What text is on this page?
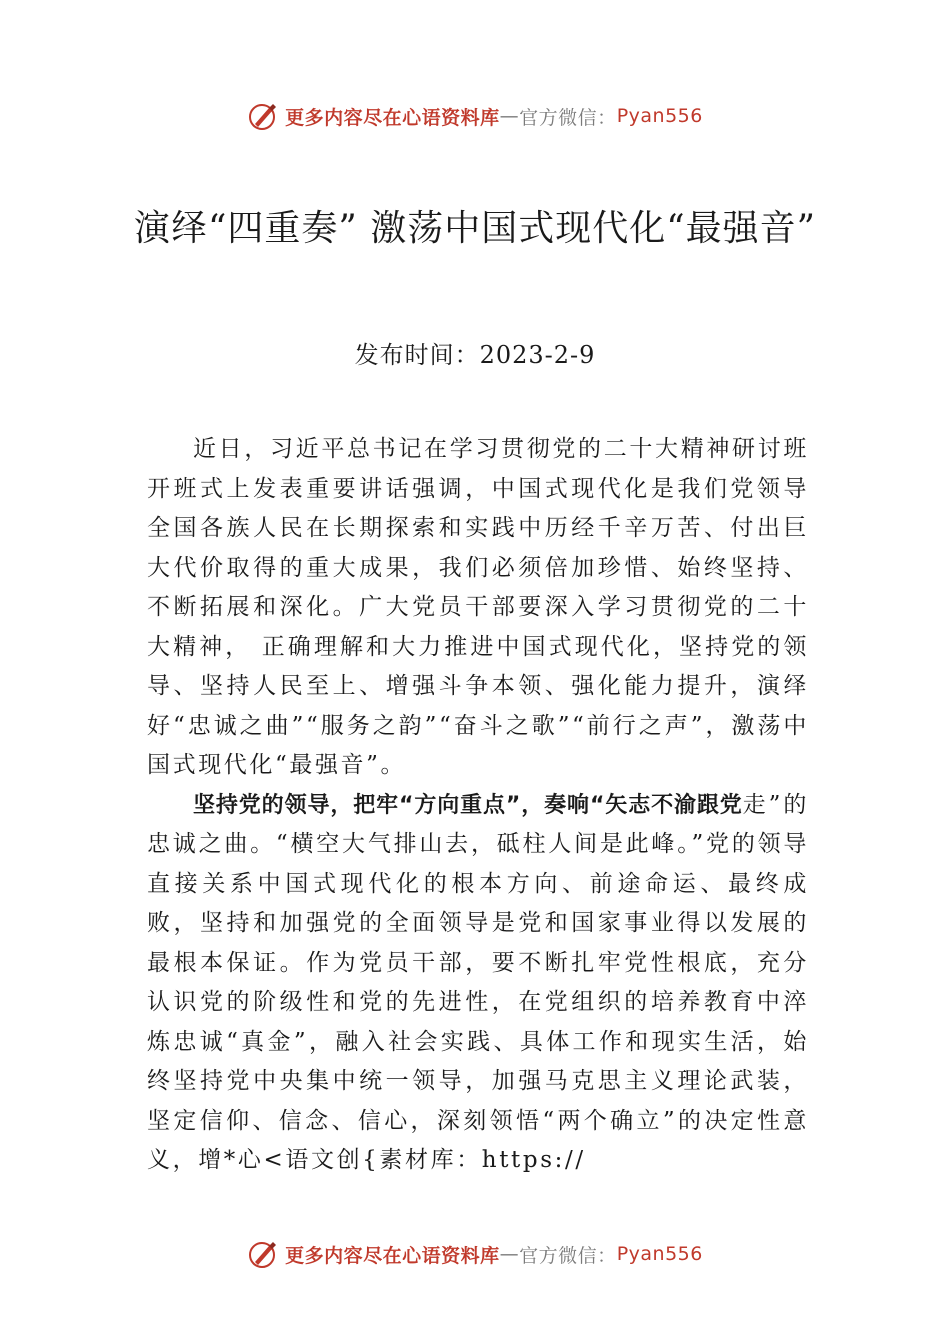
更多内容尽在心语资料库 — 官方微信： Pyan556
演绎“四重奏” 激荡中国式现代化“最强音”
发布时间：2023-2-9

近日，习近平总书记在学习贯彻党的二十大精神研讨班开班式上发表重要讲话强调，中国式现代化是我们党领导全国各族人民在长期探索和实践中历经千辛万苦、付出巨大代价取得的重大成果，我们必须倍加珍惜、始终坚持、不断拓展和深化。广大党员干部要深入学习贯彻党的二十大精神， 正确理解和大力推进中国式现代化，坚持党的领导、坚持人民至上、增强斗争本领、强化能力提升，演绎好“忠诚之曲”“服务之韵”“奋斗之歌”“前行之声”，激荡中国式现代化“最强音”。

坚持党的领导，把牢“方向重点”，奏响“矢志不渝跟党走”的忠诚之曲。“横空大气排山去，砥柱人间是此峰。”党的领导直接关系中国式现代化的根本方向、前途命运、最终成败，坚持和加强党的全面领导是党和国家事业得以发展的最根本保证。作为党员干部，要不断扎牢党性根底，充分认识党的阶级性和党的先进性，在党组织的培养教育中淬炼忠诚“真金”，融入社会实践、具体工作和现实生活，始终坚持党中央集中统一领导，加强马克思主义理论武装，坚定信仰、信念、信心，深刻领悟“两个确立”的决定性意义，增*心<语文创{素材库：https://

更多内容尽在心语资料库 — 官方微信： Pyan556
